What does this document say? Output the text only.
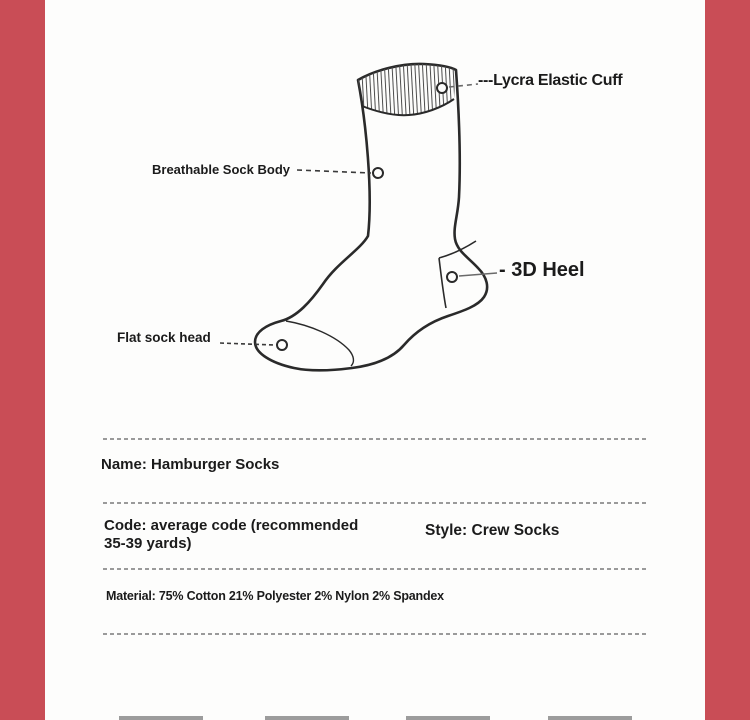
---Lycra Elastic Cuff
Breathable Sock Body
- 3D Heel
Flat sock head
Name: Hamburger Socks
Code: average code (recommended 35-39 yards)
Style: Crew Socks
Material: 75% Cotton 21% Polyester 2% Nylon 2% Spandex
